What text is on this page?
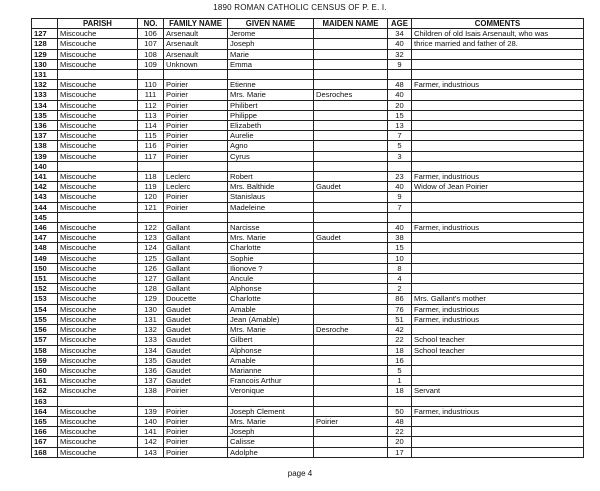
1890 ROMAN CATHOLIC CENSUS OF P. E. I.
	PARISH	NO.	FAMILY NAME	GIVEN NAME	MAIDEN NAME	AGE	COMMENTS
127	Miscouche	106	Arsenault	Jerome		34	Children of old Isais Arsenault, who was
128	Miscouche	107	Arsenault	Joseph		40	thrice married and father of 28.
129	Miscouche	108	Arsenault	Marie		32	
130	Miscouche	109	Unknown	Emma		9	
131							
132	Miscouche	110	Poirier	Etienne		48	Farmer, industrious
133	Miscouche	111	Poirier	Mrs. Marie	Desroches	40	
134	Miscouche	112	Poirier	Philibert		20	
135	Miscouche	113	Poirier	Philippe		15	
136	Miscouche	114	Poirier	Elizabeth		13	
137	Miscouche	115	Poirier	Aurelie		7	
138	Miscouche	116	Poirier	Agno		5	
139	Miscouche	117	Poirier	Cyrus		3	
140							
141	Miscouche	118	Leclerc	Robert		23	Farmer, industrious
142	Miscouche	119	Leclerc	Mrs. Balthide	Gaudet	40	Widow of Jean Poirier
143	Miscouche	120	Poirier	Stanislaus		9	
144	Miscouche	121	Poirier	Madeleine		7	
145							
146	Miscouche	122	Gallant	Narcisse		40	Farmer, industrious
147	Miscouche	123	Gallant	Mrs. Marie	Gaudet	38	
148	Miscouche	124	Gallant	Charlotte		15	
149	Miscouche	125	Gallant	Sophie		10	
150	Miscouche	126	Gallant	Ilionove ?		8	
151	Miscouche	127	Gallant	Ancule		4	
152	Miscouche	128	Gallant	Alphonse		2	
153	Miscouche	129	Doucette	Charlotte		86	Mrs. Gallant's mother
154	Miscouche	130	Gaudet	Amable		76	Farmer, industrious
155	Miscouche	131	Gaudet	Jean (Amable)		51	Farmer, industrious
156	Miscouche	132	Gaudet	Mrs. Marie	Desroche	42	
157	Miscouche	133	Gaudet	Gilbert		22	School teacher
158	Miscouche	134	Gaudet	Alphonse		18	School teacher
159	Miscouche	135	Gaudet	Amable		16	
160	Miscouche	136	Gaudet	Marianne		5	
161	Miscouche	137	Gaudet	Francois Arthur		1	
162	Miscouche	138	Poirier	Veronique		18	Servant
163							
164	Miscouche	139	Poirier	Joseph Clement		50	Farmer, industrious
165	Miscouche	140	Poirier	Mrs. Marie	Poirier	48	
166	Miscouche	141	Poirier	Joseph		22	
167	Miscouche	142	Poirier	Calisse		20	
168	Miscouche	143	Poirier	Adolphe		17	
page 4
